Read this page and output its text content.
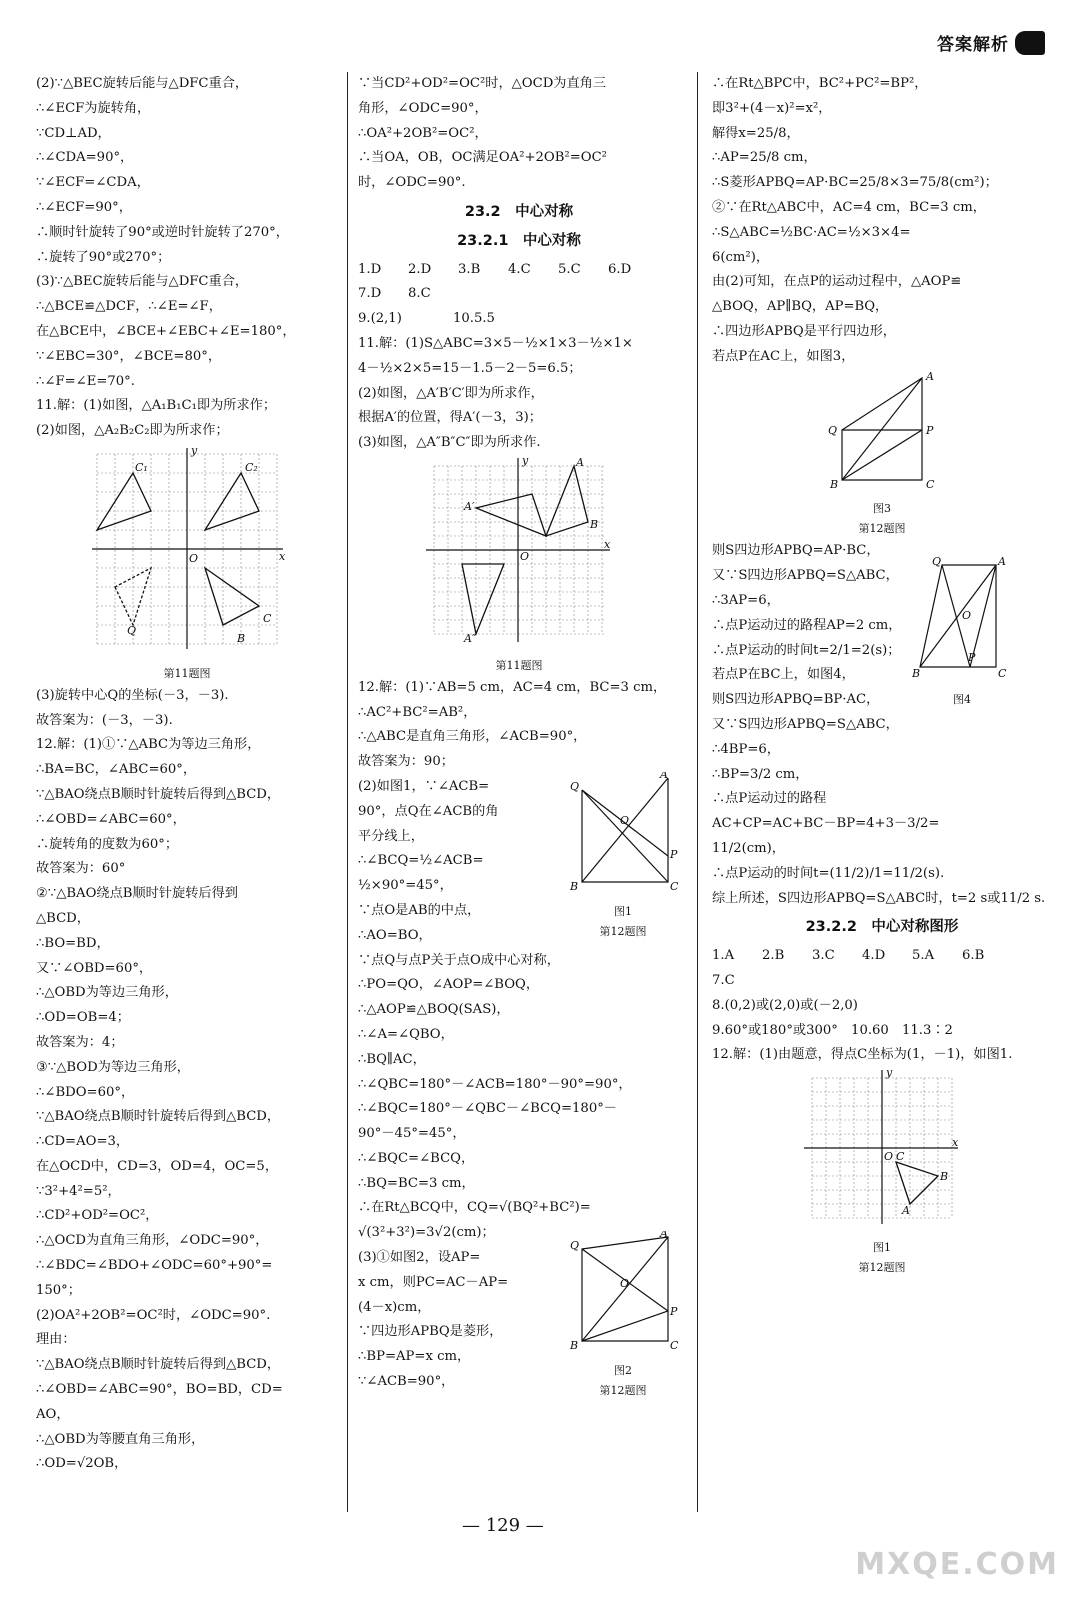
答案解析
(2)∵△BEC旋转后能与△DFC重合，
∴∠ECF为旋转角，
∵CD⊥AD，
∴∠CDA=90°，
∵∠ECF=∠CDA，
∴∠ECF=90°，
∴顺时针旋转了90°或逆时针旋转了270°，
∴旋转了90°或270°；
(3)∵△BEC旋转后能与△DFC重合，
∴△BCE≌△DCF，∴∠E=∠F，
在△BCE中，∠BCE+∠EBC+∠E=180°，
∵∠EBC=30°，∠BCE=80°，
∴∠F=∠E=70°.
11.解：(1)如图，△A₁B₁C₁即为所求作；
(2)如图，△A₂B₂C₂即为所求作；
O	x
y
C₁	C₂
C
Q
B
第11题图
(3)旋转中心Q的坐标(－3，－3).
故答案为：(－3，－3).
12.解：(1)①∵△ABC为等边三角形，
∴BA=BC，∠ABC=60°，
∵△BAO绕点B顺时针旋转后得到△BCD，
∴∠OBD=∠ABC=60°，
∴旋转角的度数为60°；
故答案为：60°
②∵△BAO绕点B顺时针旋转后得到
△BCD，
∴BO=BD，
又∵∠OBD=60°，
∴△OBD为等边三角形，
∴OD=OB=4；
故答案为：4；
③∵△BOD为等边三角形，
∴∠BDO=60°，
∵△BAO绕点B顺时针旋转后得到△BCD，
∴CD=AO=3，
在△OCD中，CD=3，OD=4，OC=5，
∵3²+4²=5²，
∴CD²+OD²=OC²，
∴△OCD为直角三角形，∠ODC=90°，
∴∠BDC=∠BDO+∠ODC=60°+90°=
150°；
(2)OA²+2OB²=OC²时，∠ODC=90°.
理由：
∵△BAO绕点B顺时针旋转后得到△BCD，
∴∠OBD=∠ABC=90°，BO=BD，CD=
AO，
∴△OBD为等腰直角三角形，
∴OD=√2OB，
∵当CD²+OD²=OC²时，△OCD为直角三
角形，∠ODC=90°，
∴OA²+2OB²=OC²，
∴当OA，OB，OC满足OA²+2OB²=OC²
时，∠ODC=90°.
23.2　中心对称
23.2.1　中心对称
1.D	2.D	3.B	4.C	5.C	6.D
7.D	8.C
9.(2,1)	10.5.5
11.解：(1)S△ABC=3×5－½×1×3－½×1×
4－½×2×5=15－1.5－2－5=6.5；
(2)如图，△A′B′C′即为所求作，
根据A′的位置，得A′(－3，3)；
(3)如图，△A″B″C″即为所求作.
O
x
y	A
B
A′
A″
第11题图
12.解：(1)∵AB=5 cm，AC=4 cm，BC=3 cm，
∴AC²+BC²=AB²，
∴△ABC是直角三角形，∠ACB=90°，
故答案为：90；
(2)如图1，∵∠ACB=
90°，点Q在∠ACB的角
平分线上，
∴∠BCQ=½∠ACB=
½×90°=45°，
Q
A
P
C
B
O
图1
第12题图
∵点O是AB的中点，
∴AO=BO，
∵点Q与点P关于点O成中心对称，
∴PO=QO，∠AOP=∠BOQ，
∴△AOP≌△BOQ(SAS)，
∴∠A=∠QBO，
∴BQ∥AC，
∴∠QBC=180°－∠ACB=180°－90°=90°，
∴∠BQC=180°－∠QBC－∠BCQ=180°－
90°－45°=45°，
∴∠BQC=∠BCQ，
∴BQ=BC=3 cm，
∴在Rt△BCQ中，CQ=√(BQ²+BC²)=
√(3²+3²)=3√2(cm)；
(3)①如图2，设AP=
x cm，则PC=AC－AP=
(4－x)cm，
∵四边形APBQ是菱形，
∴BP=AP=x cm，
∵∠ACB=90°，
Q
A
P
C
B
O
图2
第12题图
∴在Rt△BPC中，BC²+PC²=BP²，
即3²+(4－x)²=x²，
解得x=25/8，
∴AP=25/8 cm，
∴S菱形APBQ=AP·BC=25/8×3=75/8(cm²)；
②∵在Rt△ABC中，AC=4 cm，BC=3 cm，
∴S△ABC=½BC·AC=½×3×4=
6(cm²)，
由(2)可知，在点P的运动过程中，△AOP≌
△BOQ，AP∥BQ，AP=BQ，
∴四边形APBQ是平行四边形，
若点P在AC上，如图3，
Q
A
P
C
B
图3
第12题图
则S四边形APBQ=AP·BC，
又∵S四边形APBQ=S△ABC，
∴3AP=6，
∴点P运动过的路程AP=2 cm，
∴点P运动的时间t=2/1=2(s)；
若点P在BC上，如图4，
则S四边形APBQ=BP·AC，
又∵S四边形APBQ=S△ABC，
∴4BP=6，
∴BP=3/2 cm，
∴点P运动过的路程
Q	A
O
P
B	C
图4
AC+CP=AC+BC－BP=4+3－3/2=
11/2(cm)，
∴点P运动的时间t=(11/2)/1=11/2(s).
综上所述，S四边形APBQ=S△ABC时，t=2 s或11/2 s.
23.2.2　中心对称图形
1.A	2.B	3.C	4.D	5.A	6.B
7.C
8.(0,2)或(2,0)或(－2,0)
9.60°或180°或300°　10.60　11.3∶2
12.解：(1)由题意，得点C坐标为(1，－1)，如图1.
O
x
y
C
B
A
图1
第12题图
— 129 —
MXQE.COM
